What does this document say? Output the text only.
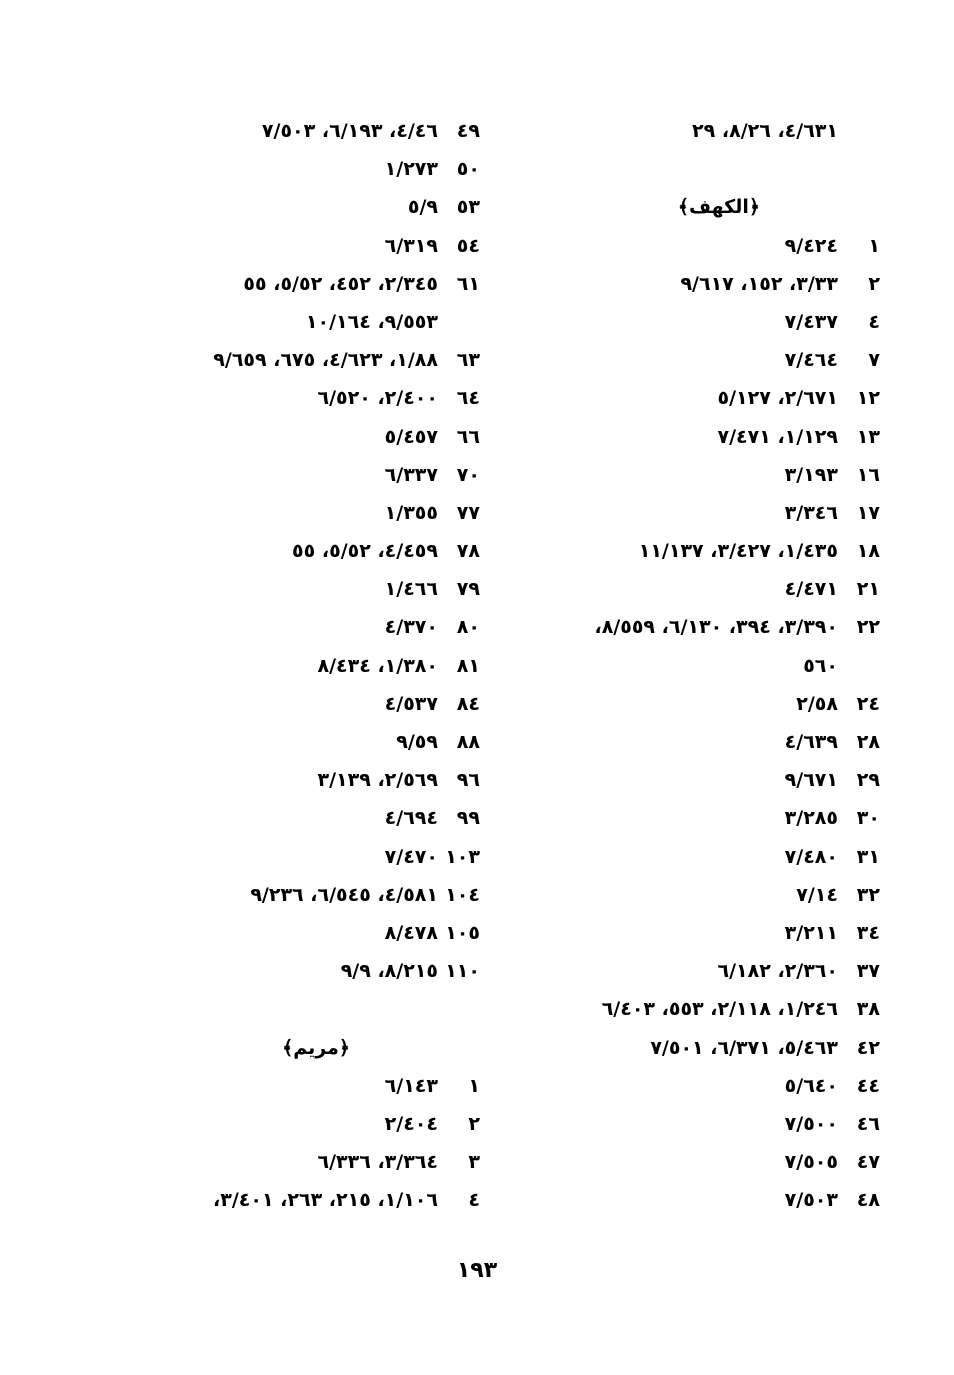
٤/٦٣١، ٨/٢٦، ٢٩
﴿الكهف﴾
١
٩/٤٢٤
٢
٣/٣٣، ١٥٢، ٩/٦١٧
٤
٧/٤٣٧
٧
٧/٤٦٤
١٢
٢/٦٧١، ٥/١٢٧
١٣
١/١٢٩، ٧/٤٧١
١٦
٣/١٩٣
١٧
٣/٣٤٦
١٨
١/٤٣٥، ٣/٤٢٧، ١١/١٣٧
٢١
٤/٤٧١
٢٢
٣/٣٩٠، ٣٩٤، ٦/١٣٠، ٨/٥٥٩،
٥٦٠
٢٤
٢/٥٨
٢٨
٤/٦٣٩
٢٩
٩/٦٧١
٣٠
٣/٢٨٥
٣١
٧/٤٨٠
٣٢
٧/١٤
٣٤
٣/٢١١
٣٧
٢/٣٦٠، ٦/١٨٢
٣٨
١/٢٤٦، ٢/١١٨، ٥٥٣، ٦/٤٠٣
٤٢
٥/٤٦٣، ٦/٣٧١، ٧/٥٠١
٤٤
٥/٦٤٠
٤٦
٧/٥٠٠
٤٧
٧/٥٠٥
٤٨
٧/٥٠٣
٤٩
٤/٤٦، ٦/١٩٣، ٧/٥٠٣
٥٠
١/٢٧٣
٥٣
٥/٩
٥٤
٦/٣١٩
٦١
٢/٣٤٥، ٤٥٢، ٥/٥٢، ٥٥
٩/٥٥٣، ١٠/١٦٤
٦٣
١/٨٨، ٤/٦٢٣، ٦٧٥، ٩/٦٥٩
٦٤
٢/٤٠٠، ٦/٥٢٠
٦٦
٥/٤٥٧
٧٠
٦/٣٣٧
٧٧
١/٣٥٥
٧٨
٤/٤٥٩، ٥/٥٢، ٥٥
٧٩
١/٤٦٦
٨٠
٤/٣٧٠
٨١
١/٣٨٠، ٨/٤٣٤
٨٤
٤/٥٣٧
٨٨
٩/٥٩
٩٦
٢/٥٦٩، ٣/١٣٩
٩٩
٤/٦٩٤
١٠٣
٧/٤٧٠
١٠٤
٤/٥٨١، ٦/٥٤٥، ٩/٢٣٦
١٠٥
٨/٤٧٨
١١٠
٨/٢١٥، ٩/٩
﴿مريم﴾
١
٦/١٤٣
٢
٢/٤٠٤
٣
٣/٣٦٤، ٦/٣٣٦
٤
١/١٠٦، ٢١٥، ٢٦٣، ٣/٤٠١،
١٩٣
